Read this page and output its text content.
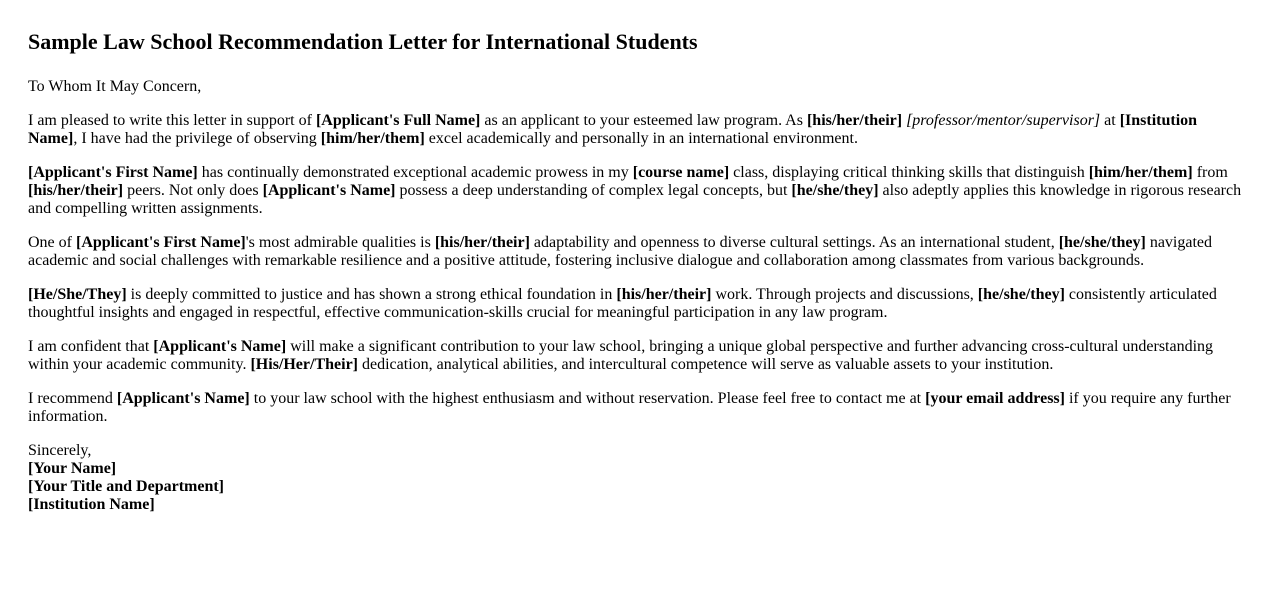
Sample Law School Recommendation Letter for International Students

To Whom It May Concern,

I am pleased to write this letter in support of [Applicant's Full Name] as an applicant to your esteemed law program. As [his/her/their] [professor/mentor/supervisor] at [Institution Name], I have had the privilege of observing [him/her/them] excel academically and personally in an international environment.

[Applicant's First Name] has continually demonstrated exceptional academic prowess in my [course name] class, displaying critical thinking skills that distinguish [him/her/them] from [his/her/their] peers. Not only does [Applicant's Name] possess a deep understanding of complex legal concepts, but [he/she/they] also adeptly applies this knowledge in rigorous research and compelling written assignments.

One of [Applicant's First Name]'s most admirable qualities is [his/her/their] adaptability and openness to diverse cultural settings. As an international student, [he/she/they] navigated academic and social challenges with remarkable resilience and a positive attitude, fostering inclusive dialogue and collaboration among classmates from various backgrounds.

[He/She/They] is deeply committed to justice and has shown a strong ethical foundation in [his/her/their] work. Through projects and discussions, [he/she/they] consistently articulated thoughtful insights and engaged in respectful, effective communication-skills crucial for meaningful participation in any law program.

I am confident that [Applicant's Name] will make a significant contribution to your law school, bringing a unique global perspective and further advancing cross-cultural understanding within your academic community. [His/Her/Their] dedication, analytical abilities, and intercultural competence will serve as valuable assets to your institution.

I recommend [Applicant's Name] to your law school with the highest enthusiasm and without reservation. Please feel free to contact me at [your email address] if you require any further information.

Sincerely,
[Your Name]
[Your Title and Department]
[Institution Name]
